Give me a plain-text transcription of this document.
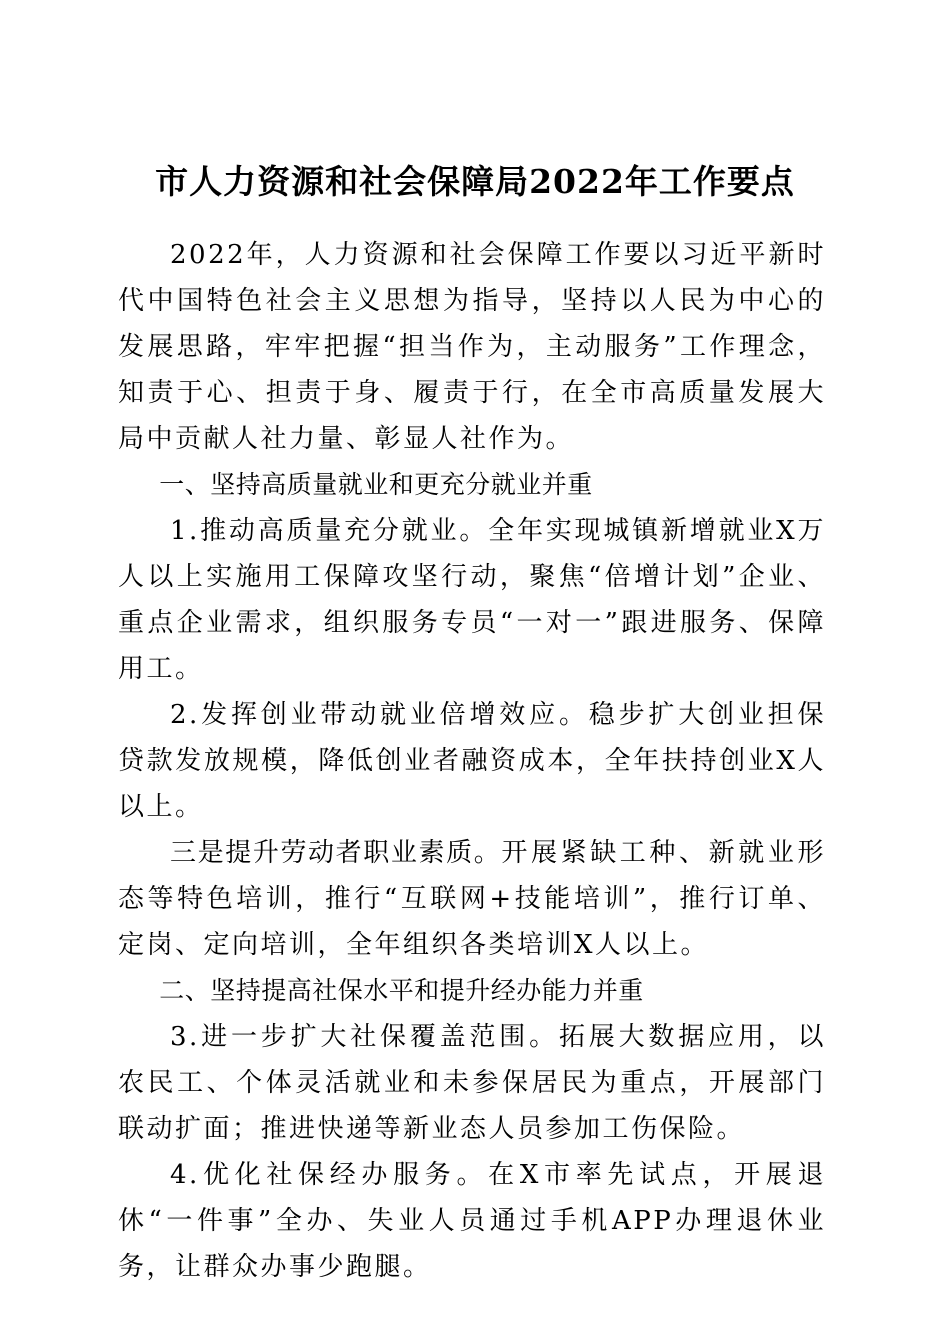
市人力资源和社会保障局2022年工作要点

2022年，人力资源和社会保障工作要以习近平新时代中国特色社会主义思想为指导，坚持以人民为中心的发展思路，牢牢把握“担当作为，主动服务”工作理念，知责于心、担责于身、履责于行，在全市高质量发展大局中贡献人社力量、彰显人社作为。

一、坚持高质量就业和更充分就业并重

1.推动高质量充分就业。全年实现城镇新增就业X万人以上实施用工保障攻坚行动，聚焦“倍增计划”企业、重点企业需求，组织服务专员“一对一”跟进服务、保障用工。

2.发挥创业带动就业倍增效应。稳步扩大创业担保贷款发放规模，降低创业者融资成本，全年扶持创业X人以上。

三是提升劳动者职业素质。开展紧缺工种、新就业形态等特色培训，推行“互联网+技能培训”，推行订单、定岗、定向培训，全年组织各类培训X人以上。

二、坚持提高社保水平和提升经办能力并重

3.进一步扩大社保覆盖范围。拓展大数据应用，以农民工、个体灵活就业和未参保居民为重点，开展部门联动扩面；推进快递等新业态人员参加工伤保险。

4.优化社保经办服务。在X市率先试点，开展退休“一件事”全办、失业人员通过手机APP办理退休业务，让群众办事少跑腿。
